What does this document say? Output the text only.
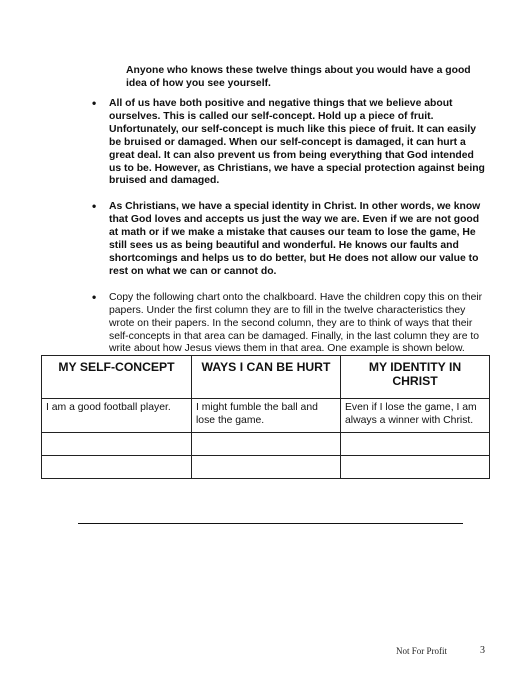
Anyone who knows these twelve things about you would have a good idea of how you see yourself.

• All of us have both positive and negative things that we believe about ourselves. This is called our self-concept. Hold up a piece of fruit. Unfortunately, our self-concept is much like this piece of fruit. It can easily be bruised or damaged. When our self-concept is damaged, it can hurt a great deal. It can also prevent us from being everything that God intended us to be. However, as Christians, we have a special protection against being bruised and damaged.
• As Christians, we have a special identity in Christ. In other words, we know that God loves and accepts us just the way we are. Even if we are not good at math or if we make a mistake that causes our team to lose the game, He still sees us as being beautiful and wonderful. He knows our faults and shortcomings and helps us to do better, but He does not allow our value to rest on what we can or cannot do.
• Copy the following chart onto the chalkboard. Have the children copy this on their papers. Under the first column they are to fill in the twelve characteristics they wrote on their papers. In the second column, they are to think of ways that their self-concepts in that area can be damaged. Finally, in the last column they are to write about how Jesus views them in that area. One example is shown below.
MY SELF-CONCEPT	WAYS I CAN BE HURT	MY IDENTITY IN CHRIST
I am a good football player.	I might fumble the ball and lose the game.	Even if I lose the game, I am always a winner with Christ.

Not For Profit	3
